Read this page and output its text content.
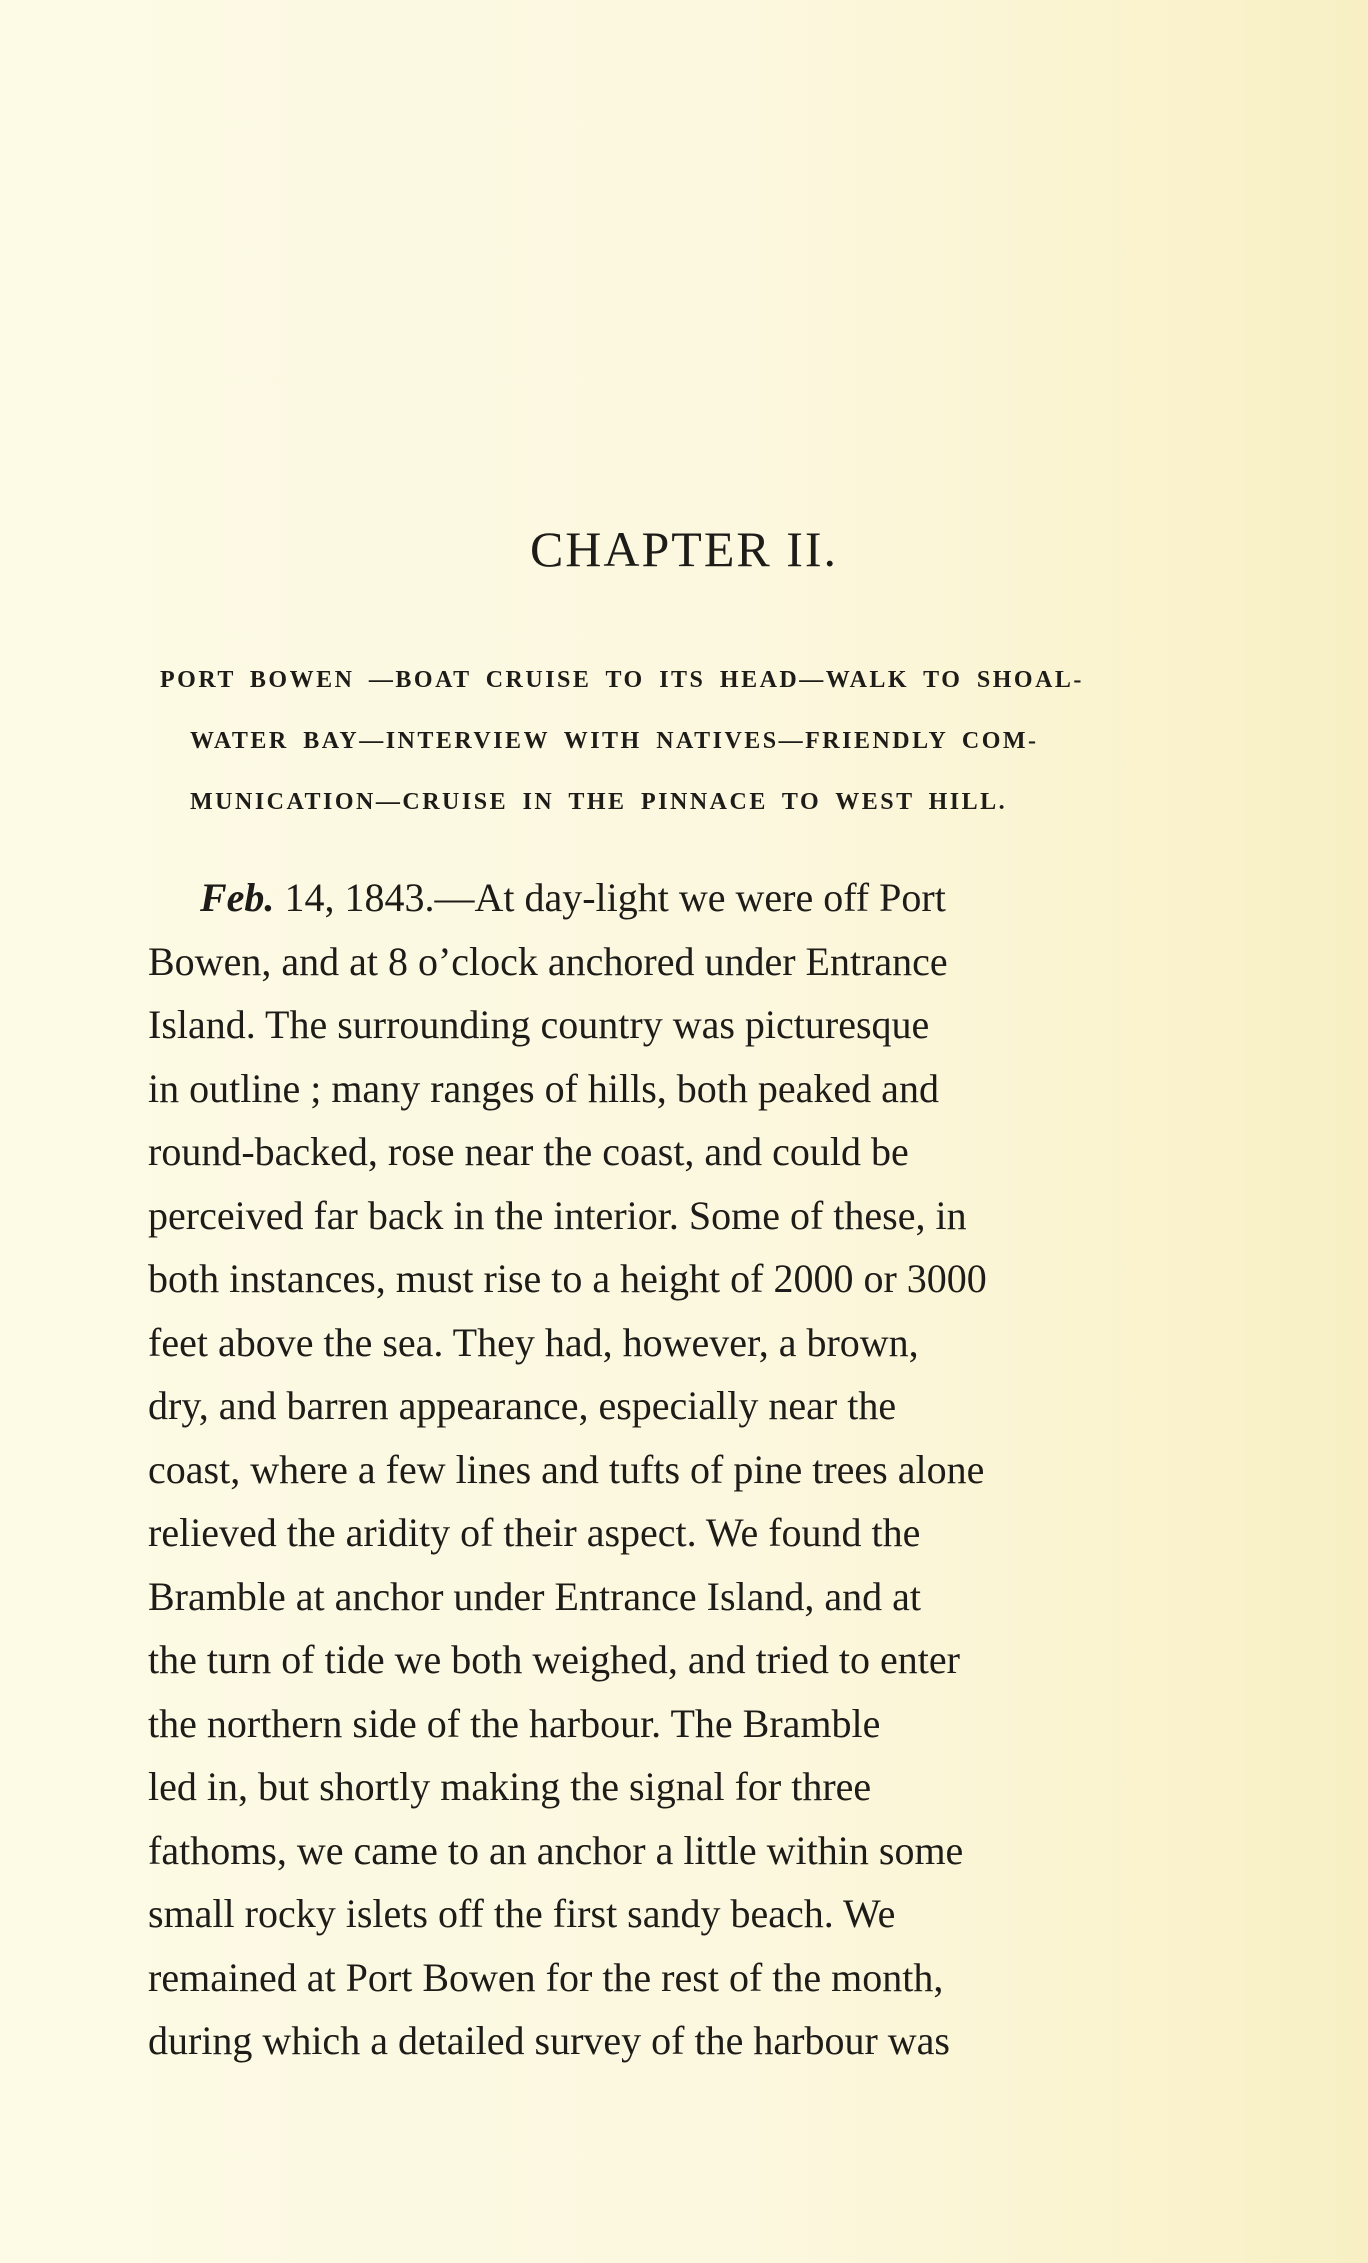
CHAPTER II.
PORT BOWEN —BOAT CRUISE TO ITS HEAD—WALK TO SHOAL-
WATER BAY—INTERVIEW WITH NATIVES—FRIENDLY COM-
MUNICATION—CRUISE IN THE PINNACE TO WEST HILL.
Feb. 14, 1843.—At day-light we were off Port
Bowen, and at 8 o’clock anchored under Entrance
Island. The surrounding country was picturesque
in outline ; many ranges of hills, both peaked and
round-backed, rose near the coast, and could be
perceived far back in the interior. Some of these, in
both instances, must rise to a height of 2000 or 3000
feet above the sea. They had, however, a brown,
dry, and barren appearance, especially near the
coast, where a few lines and tufts of pine trees alone
relieved the aridity of their aspect. We found the
Bramble at anchor under Entrance Island, and at
the turn of tide we both weighed, and tried to enter
the northern side of the harbour. The Bramble
led in, but shortly making the signal for three
fathoms, we came to an anchor a little within some
small rocky islets off the first sandy beach. We
remained at Port Bowen for the rest of the month,
during which a detailed survey of the harbour was
